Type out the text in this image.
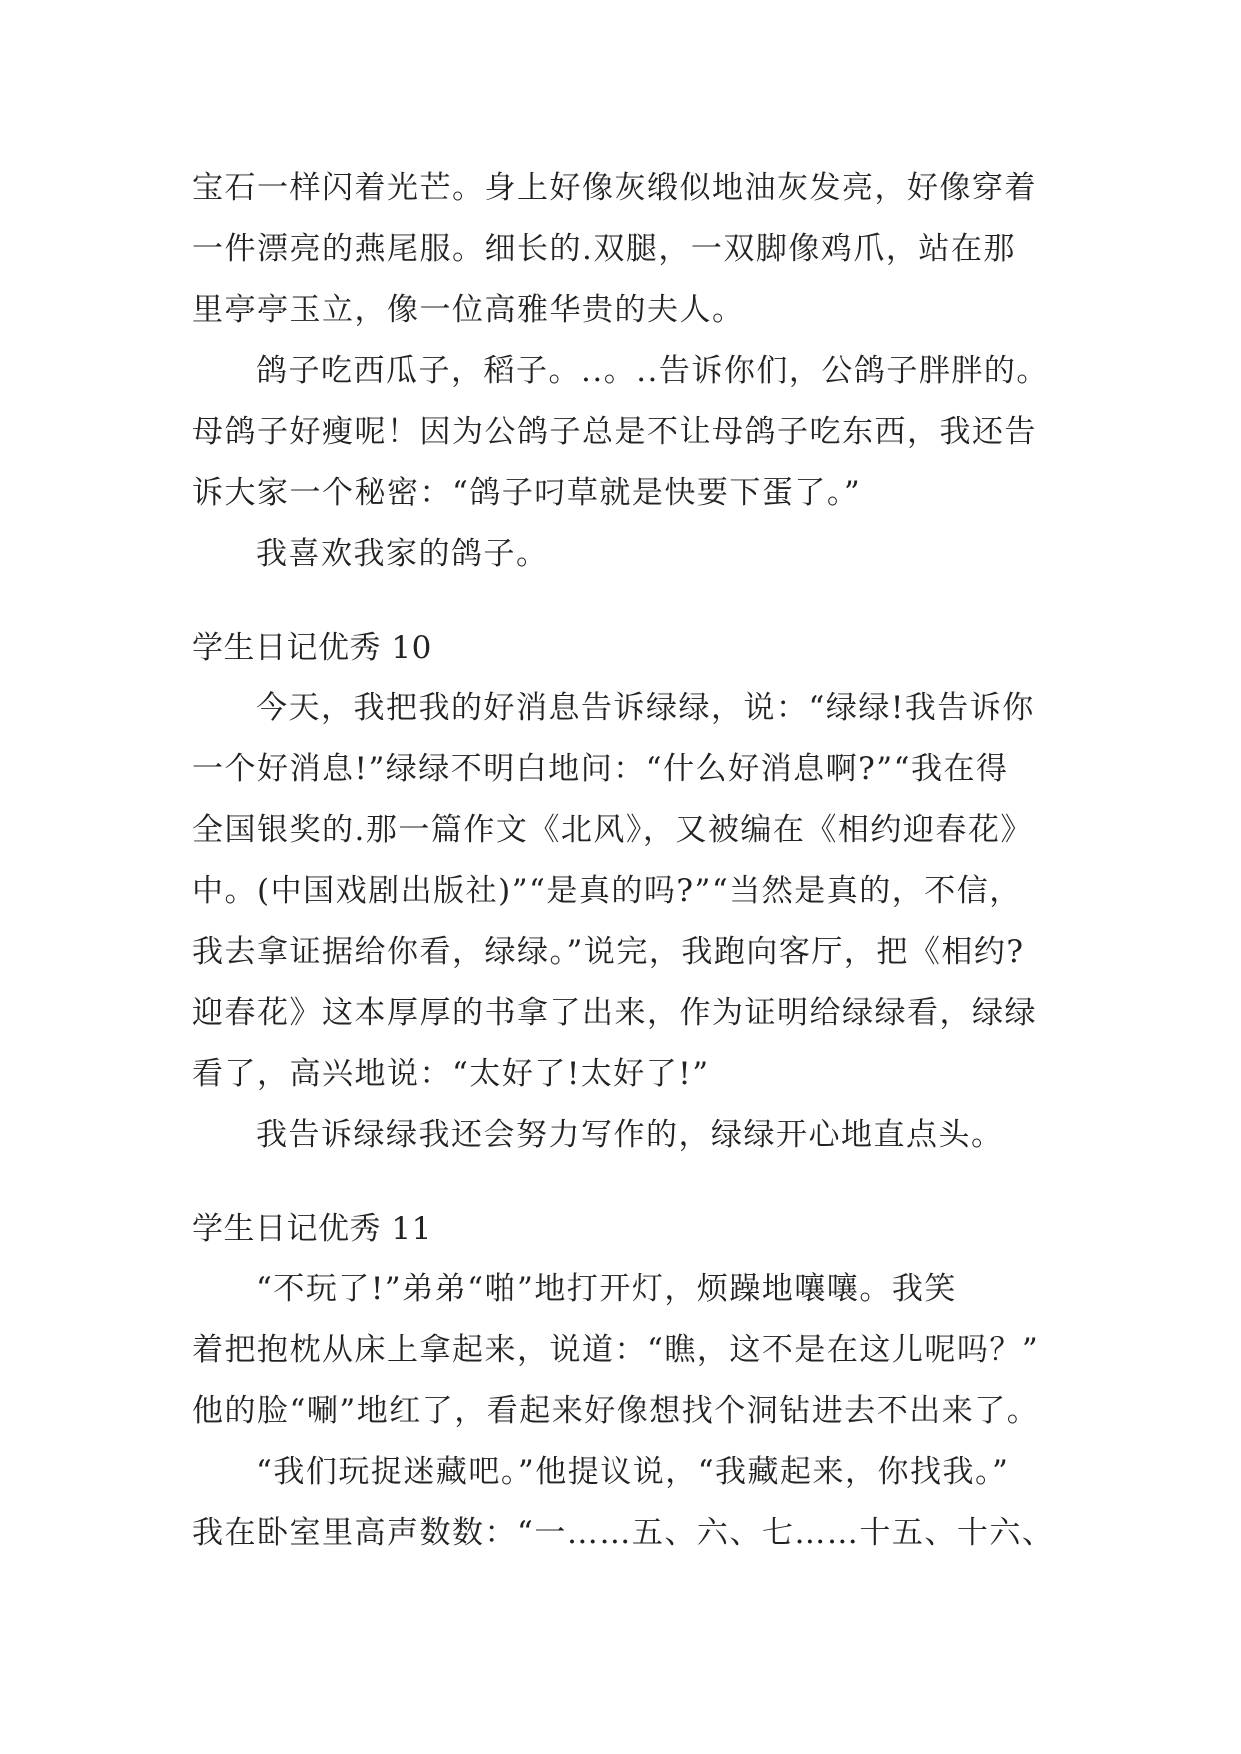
宝石一样闪着光芒。身上好像灰缎似地油灰发亮，好像穿着
一件漂亮的燕尾服。细长的.双腿，一双脚像鸡爪，站在那
里亭亭玉立，像一位高雅华贵的夫人。
鸽子吃西瓜子，稻子。..。..告诉你们，公鸽子胖胖的。
母鸽子好瘦呢！因为公鸽子总是不让母鸽子吃东西，我还告
诉大家一个秘密：“鸽子叼草就是快要下蛋了。”
我喜欢我家的鸽子。
学生日记优秀 10
今天，我把我的好消息告诉绿绿，说：“绿绿!我告诉你
一个好消息!”绿绿不明白地问：“什么好消息啊?”“我在得
全国银奖的.那一篇作文《北风》，又被编在《相约迎春花》
中。(中国戏剧出版社)”“是真的吗?”“当然是真的，不信，
我去拿证据给你看，绿绿。”说完，我跑向客厅，把《相约?
迎春花》这本厚厚的书拿了出来，作为证明给绿绿看，绿绿
看了，高兴地说：“太好了!太好了!”
我告诉绿绿我还会努力写作的，绿绿开心地直点头。
学生日记优秀 11
“不玩了!”弟弟“啪”地打开灯，烦躁地嚷嚷。我笑
着把抱枕从床上拿起来，说道：“瞧，这不是在这儿呢吗？”
他的脸“唰”地红了，看起来好像想找个洞钻进去不出来了。
“我们玩捉迷藏吧。”他提议说，“我藏起来，你找我。”
我在卧室里高声数数：“一……五、六、七……十五、十六、
